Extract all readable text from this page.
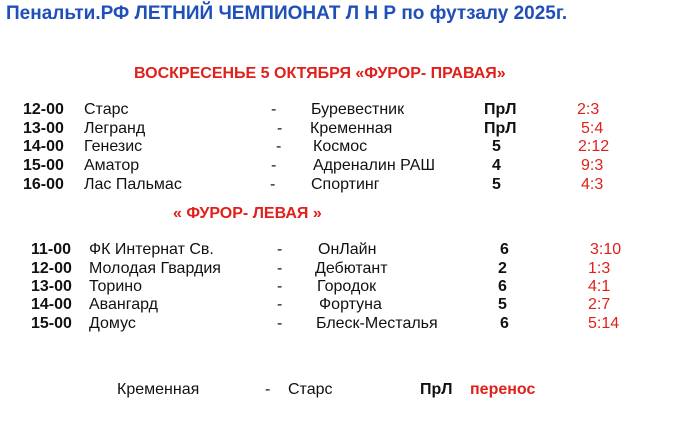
Пенальти.РФ ЛЕТНИЙ ЧЕМПИОНАТ Л Н Р по футзалу 2025г.
ВОСКРЕСЕНЬЕ 5 ОКТЯБРЯ «ФУРОР- ПРАВАЯ»
12-00 Старс	- Буревестник	ПрЛ	2:3
13-00 Легранд	- Кременная	ПрЛ	5:4
14-00 Генезис	- Космос	5	2:12
15-00 Аматор	- Адреналин РАШ	4	9:3
16-00 Лас Пальмас	- Спортинг	5	4:3
« ФУРОР- ЛЕВАЯ »
11-00 ФК Интернат Св.	- ОнЛайн	6	3:10
12-00 Молодая Гвардия	- Дебютант	2	1:3
13-00 Торино	- Городок	6	4:1
14-00 Авангард	- Фортуна	5	2:7
15-00 Домус	- Блеск-Месталья	6	5:14
Кременная	- Старс	ПрЛ перенос
